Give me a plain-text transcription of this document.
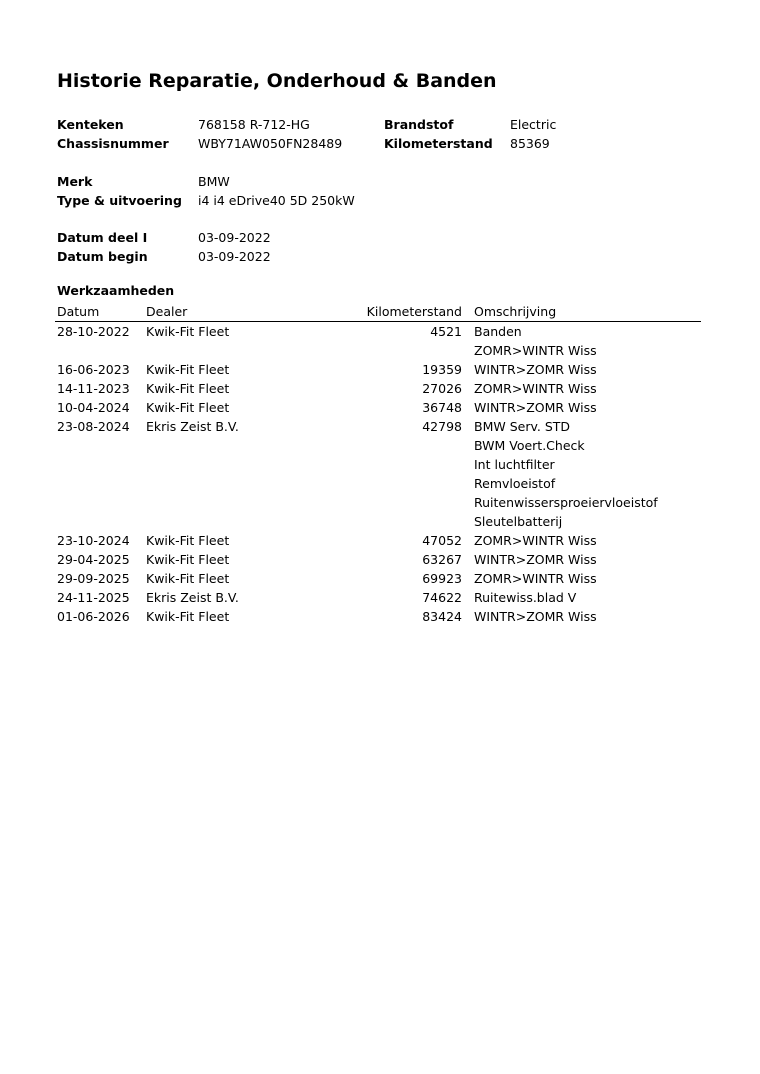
Historie Reparatie, Onderhoud & Banden
Kenteken	768158 R-712-HG	Brandstof	Electric
Chassisnummer WBY71AW050FN28489	Kilometerstand 85369
Merk	BMW
Type & uitvoering i4 i4 eDrive40 5D 250kW
Datum deel I	03-09-2022
Datum begin	03-09-2022
Werkzaamheden
Datum	Dealer	Kilometerstand Omschrijving
28-10-2022 Kwik-Fit Fleet	4521 Banden
ZOMR>WINTR Wiss
16-06-2023 Kwik-Fit Fleet	19359 WINTR>ZOMR Wiss
14-11-2023 Kwik-Fit Fleet	27026 ZOMR>WINTR Wiss
10-04-2024 Kwik-Fit Fleet	36748 WINTR>ZOMR Wiss
23-08-2024 Ekris Zeist B.V.	42798 BMW Serv. STD
BWM Voert.Check
Int luchtfilter
Remvloeistof
Ruitenwissersproeiervloeistof
Sleutelbatterij
23-10-2024 Kwik-Fit Fleet	47052 ZOMR>WINTR Wiss
29-04-2025 Kwik-Fit Fleet	63267 WINTR>ZOMR Wiss
29-09-2025 Kwik-Fit Fleet	69923 ZOMR>WINTR Wiss
24-11-2025 Ekris Zeist B.V.	74622 Ruitewiss.blad V
01-06-2026 Kwik-Fit Fleet	83424 WINTR>ZOMR Wiss
